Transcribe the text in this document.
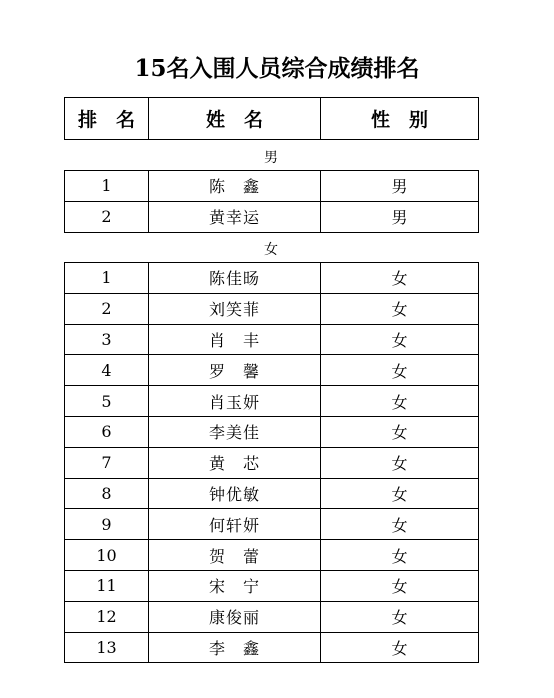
15名入围人员综合成绩排名
排　名	姓　名	性　别
男
1	陈　鑫	男
2	黄幸运	男
女
1	陈佳旸	女
2	刘笑菲	女
3	肖　丰	女
4	罗　馨	女
5	肖玉妍	女
6	李美佳	女
7	黄　芯	女
8	钟优敏	女
9	何轩妍	女
10	贺　蕾	女
11	宋　宁	女
12	康俊丽	女
13	李　鑫	女
